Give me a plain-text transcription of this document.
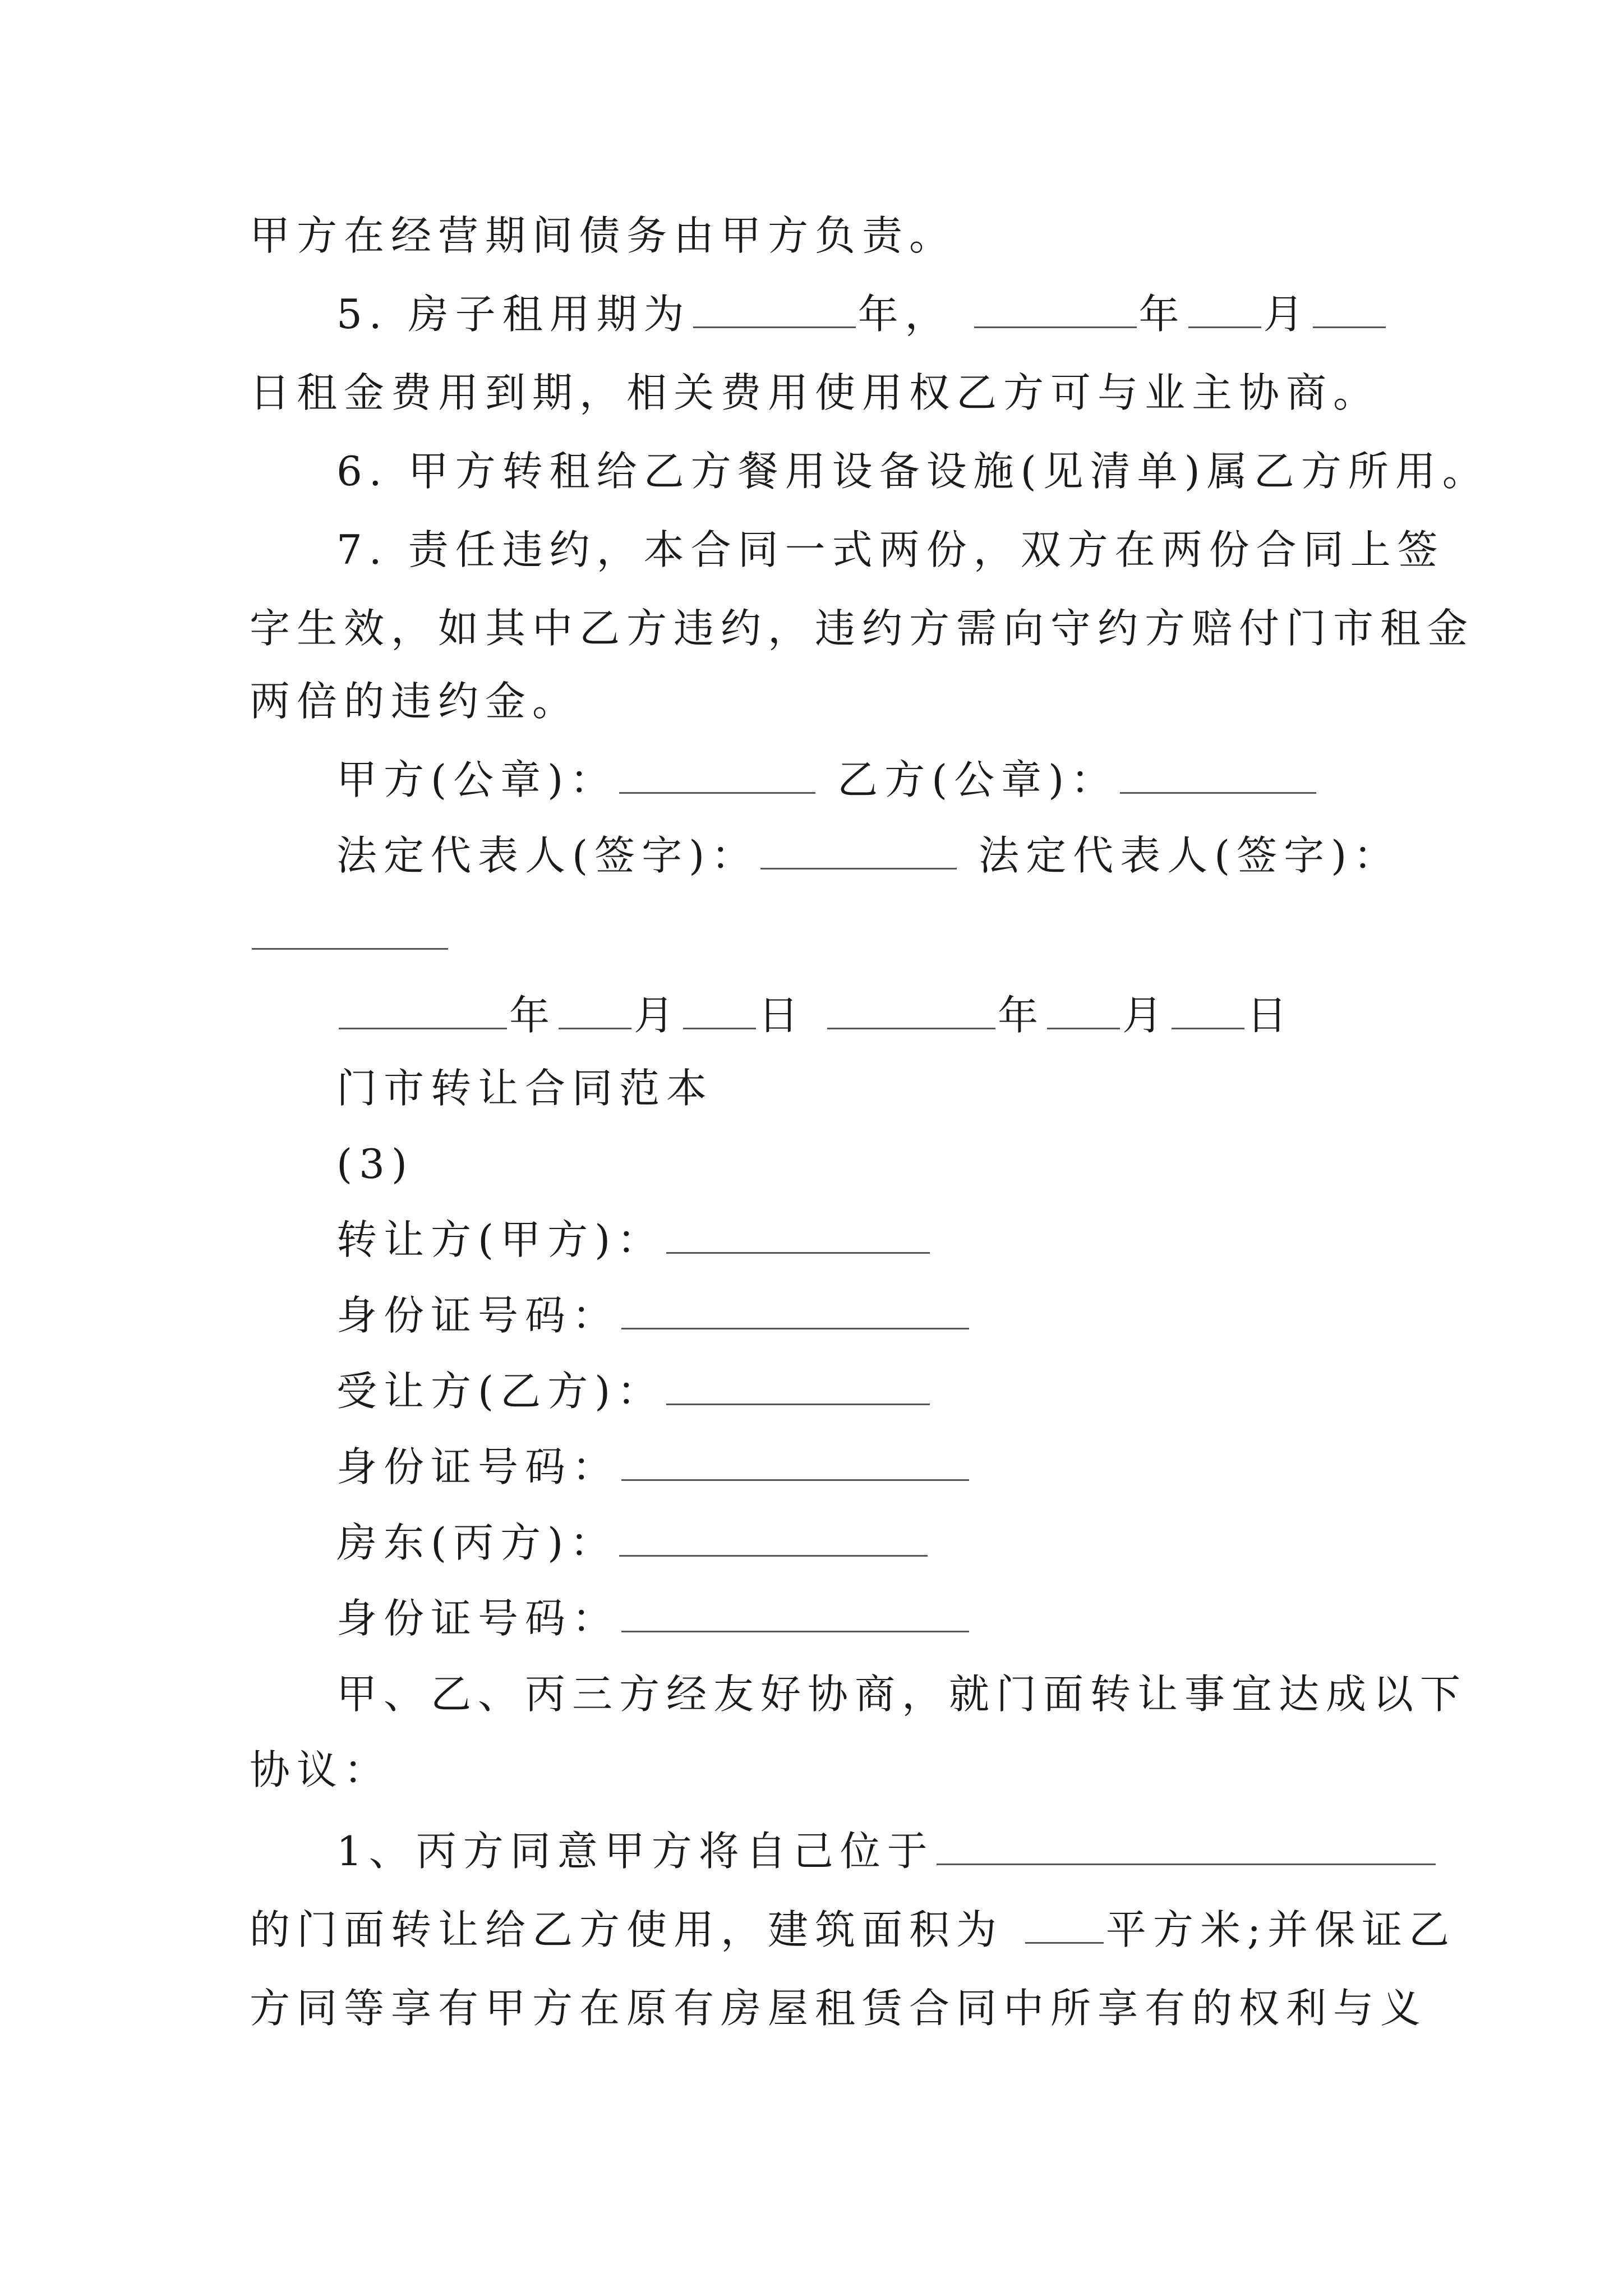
甲方在经营期间债务由甲方负责。

5. 房子租用期为	年，	年 月

日租金费用到期，相关费用使用权乙方可与业主协商。

6. 甲方转租给乙方餐用设备设施(见清单)属乙方所用。

7. 责任违约，本合同一式两份，双方在两份合同上签

字生效，如其中乙方违约，违约方需向守约方赔付门市租金

两倍的违约金。

甲方(公章)：	乙方(公章)：

法定代表人(签字)：	法定代表人(签字)：

年 月 日	年 月 日

门市转让合同范本

(3)

转让方(甲方)：

身份证号码：

受让方(乙方)：

身份证号码：

房东(丙方)：

身份证号码：

甲、乙、丙三方经友好协商，就门面转让事宜达成以下

协议：

1、丙方同意甲方将自己位于

的门面转让给乙方使用，建筑面积为	平方米;并保证乙

方同等享有甲方在原有房屋租赁合同中所享有的权利与义
